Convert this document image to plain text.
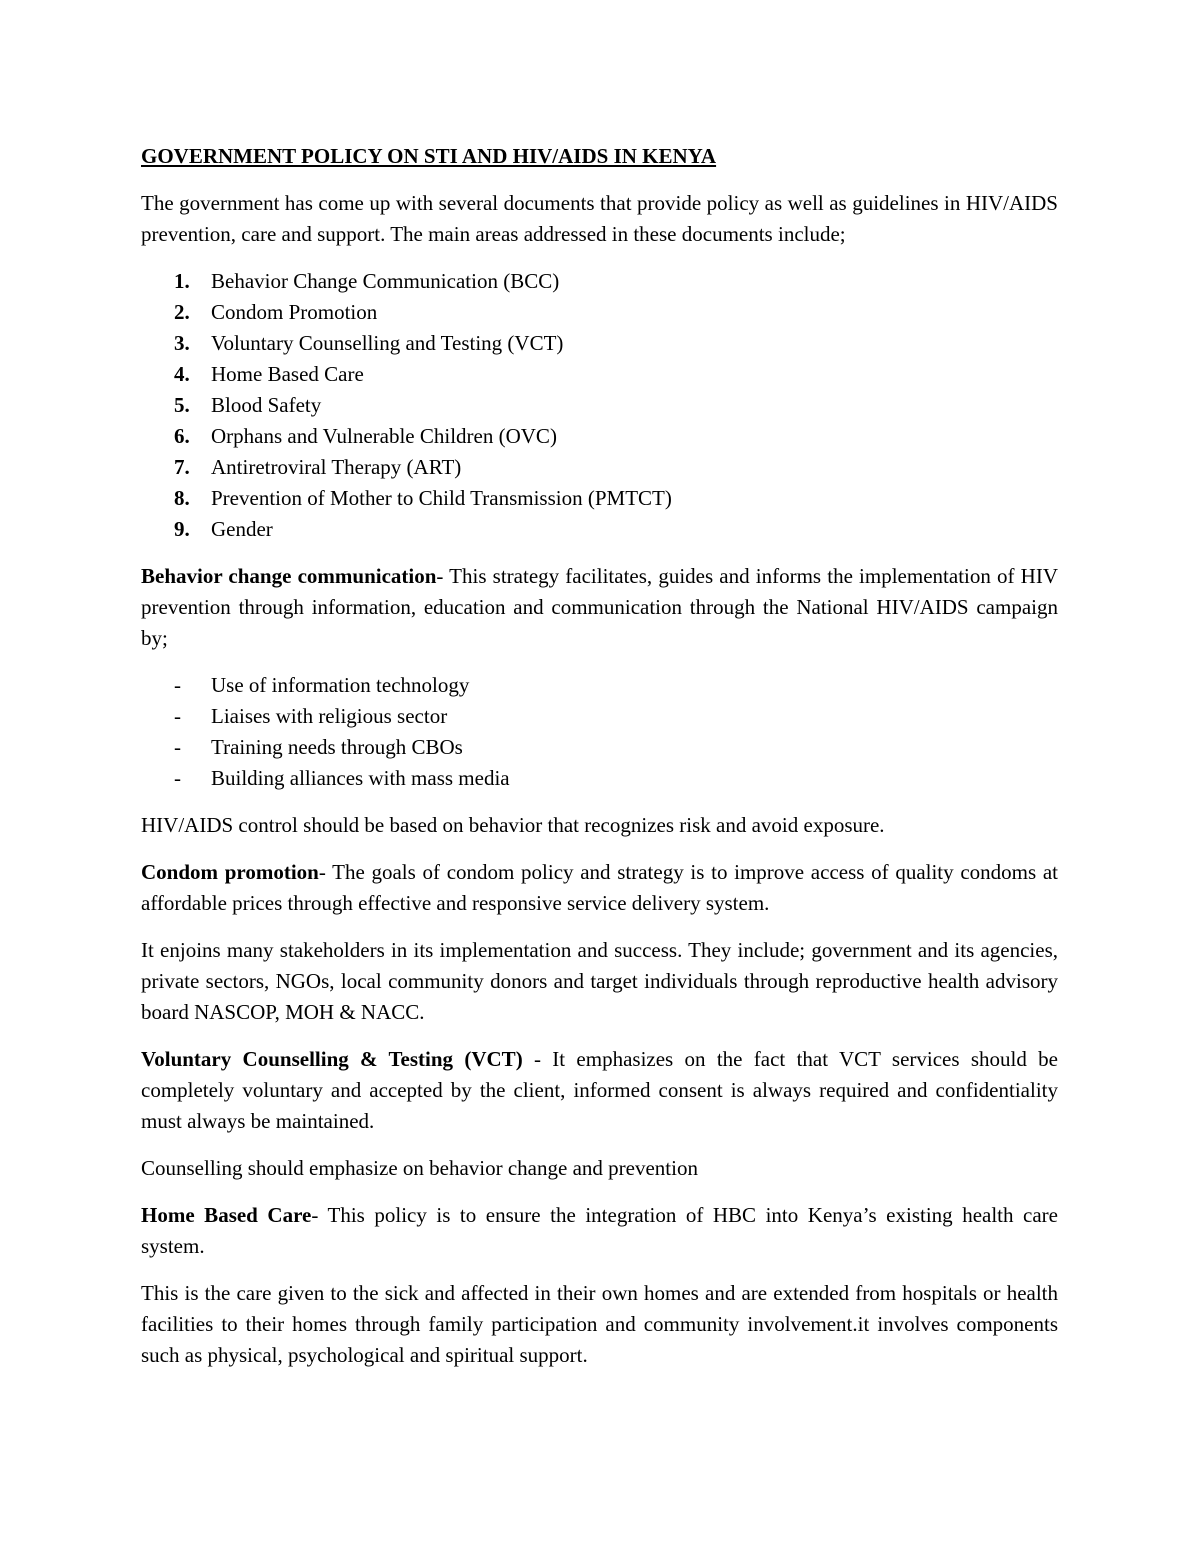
GOVERNMENT POLICY ON STI AND HIV/AIDS IN KENYA

The government has come up with several documents that provide policy as well as guidelines in HIV/AIDS prevention, care and support. The main areas addressed in these documents include;

1. Behavior Change Communication (BCC)
2. Condom Promotion
3. Voluntary Counselling and Testing (VCT)
4. Home Based Care
5. Blood Safety
6. Orphans and Vulnerable Children (OVC)
7. Antiretroviral Therapy (ART)
8. Prevention of Mother to Child Transmission (PMTCT)
9. Gender

Behavior change communication- This strategy facilitates, guides and informs the implementation of HIV prevention through information, education and communication through the National HIV/AIDS campaign by;

- Use of information technology
- Liaises with religious sector
- Training needs through CBOs
- Building alliances with mass media

HIV/AIDS control should be based on behavior that recognizes risk and avoid exposure.

Condom promotion- The goals of condom policy and strategy is to improve access of quality condoms at affordable prices through effective and responsive service delivery system.

It enjoins many stakeholders in its implementation and success. They include; government and its agencies, private sectors, NGOs, local community donors and target individuals through reproductive health advisory board NASCOP, MOH & NACC.

Voluntary Counselling & Testing (VCT) - It emphasizes on the fact that VCT services should be completely voluntary and accepted by the client, informed consent is always required and confidentiality must always be maintained.

Counselling should emphasize on behavior change and prevention

Home Based Care- This policy is to ensure the integration of HBC into Kenya’s existing health care system.

This is the care given to the sick and affected in their own homes and are extended from hospitals or health facilities to their homes through family participation and community involvement.it involves components such as physical, psychological and spiritual support.
